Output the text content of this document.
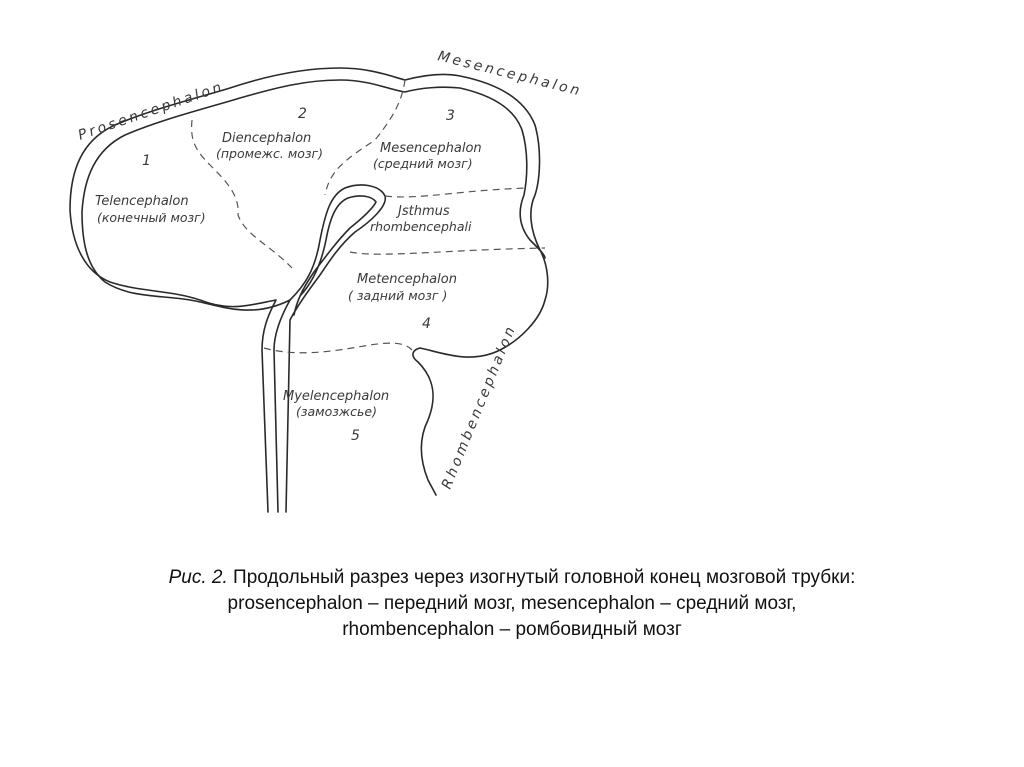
Prosencephalon
Mesencephalon
Rhombencephalon
1
Telencephalon
(конечный мозг)
2
Diencephalon
(промежс. мозг)
3
Mesencephalon
(средний мозг)
Jsthmus
rhombencephali
Metencephalon
( задний мозг )
4
Myelencephalon
(замозжсье)
5
Рис. 2. Продольный разрез через изогнутый головной конец мозговой трубки:
prosencephalon – передний мозг, mesencephalon – средний мозг,
rhombencephalon – ромбовидный мозг
